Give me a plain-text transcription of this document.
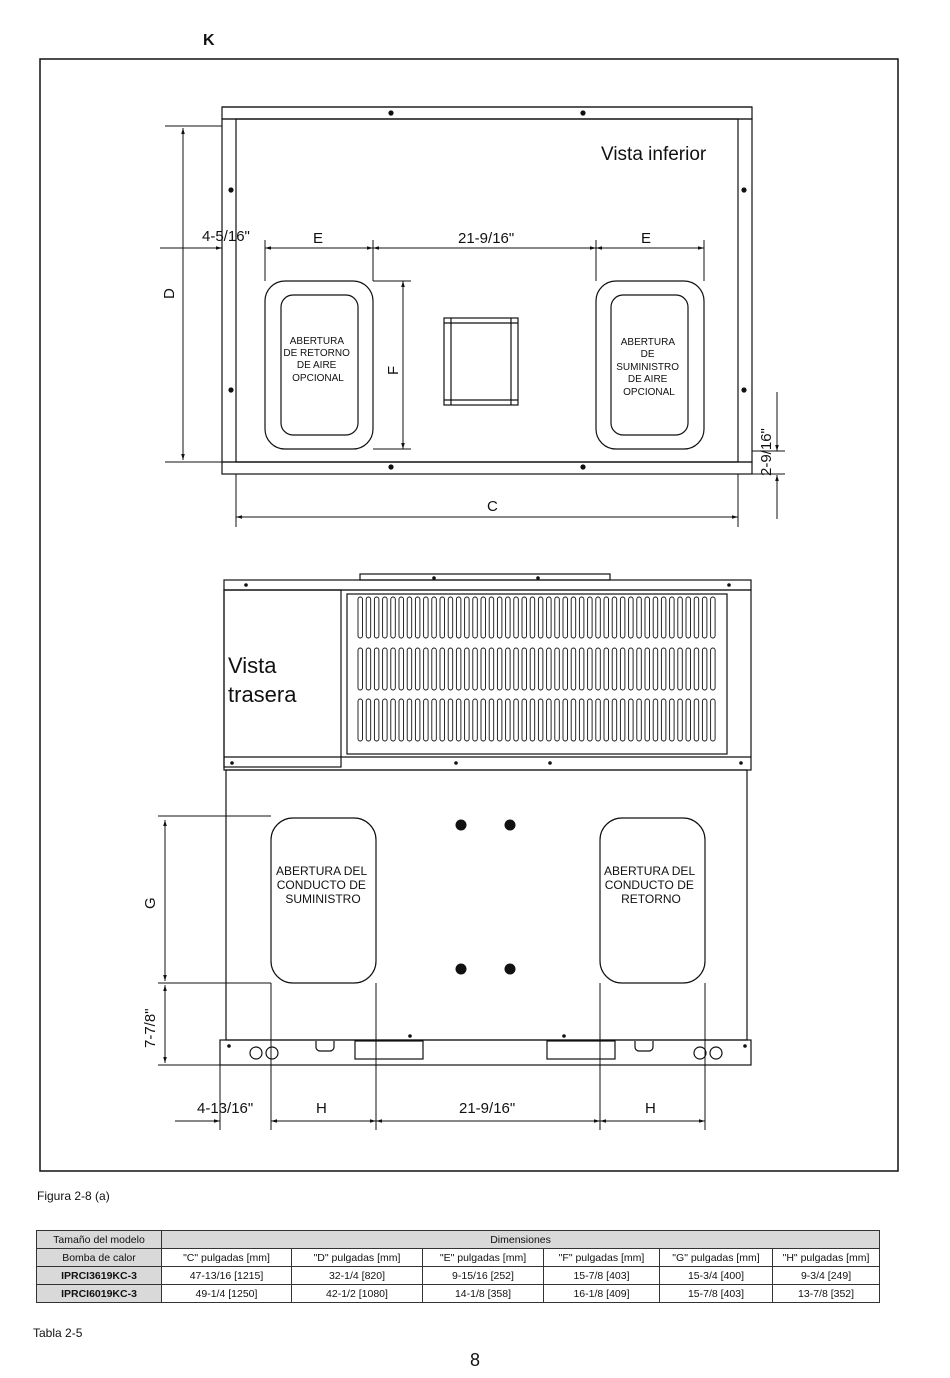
K
Vista inferior
4-5/16"	E	21-9/16"	E
D
F
2-9/16"
C
ABERTURA DE RETORNO DE AIRE OPCIONAL
ABERTURA DE SUMINISTRO DE AIRE OPCIONAL
Vista
trasera
ABERTURA DEL CONDUCTO DE SUMINISTRO
ABERTURA DEL CONDUCTO DE RETORNO
G
7-7/8"
4-13/16"	H	21-9/16"	H
Figura 2-8 (a)
Tamaño del modelo	Dimensiones					
Bomba de calor	"C" pulgadas [mm]	"D" pulgadas [mm]	"E" pulgadas [mm]	"F" pulgadas [mm]	"G" pulgadas [mm]	"H" pulgadas [mm]
IPRCI3619KC-3	47-13/16 [1215]	32-1/4 [820]	9-15/16 [252]	15-7/8 [403]	15-3/4 [400]	9-3/4 [249]
IPRCI6019KC-3	49-1/4 [1250]	42-1/2 [1080]	14-1/8 [358]	16-1/8 [409]	15-7/8 [403]	13-7/8 [352]
Tabla 2-5
8
